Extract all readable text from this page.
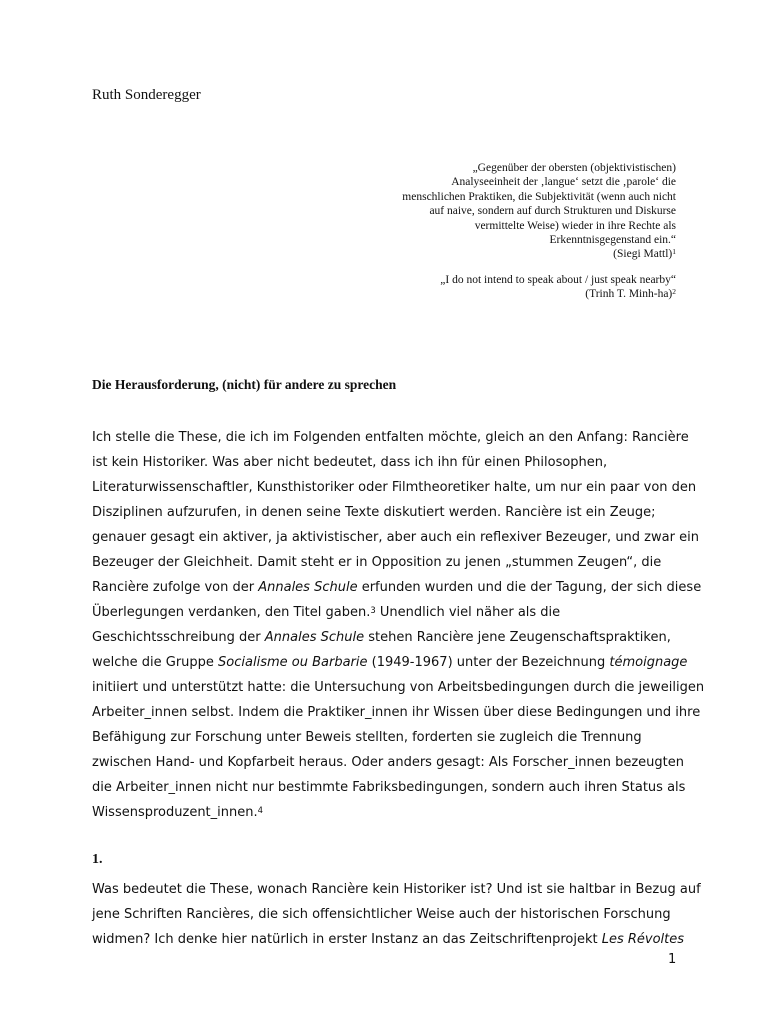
Ruth Sonderegger
„Gegenüber der obersten (objektivistischen)
Analyseeinheit der ‚langue‘ setzt die ‚parole‘ die
menschlichen Praktiken, die Subjektivität (wenn auch nicht
auf naive, sondern auf durch Strukturen und Diskurse
vermittelte Weise) wieder in ihre Rechte als
Erkenntnisgegenstand ein.“
(Siegi Mattl)$^1$
„I do not intend to speak about / just speak nearby“
(Trinh T. Minh-ha)$^2$
Die Herausforderung, (nicht) für andere zu sprechen
Ich stelle die These, die ich im Folgenden entfalten möchte, gleich an den Anfang: Rancière
ist kein Historiker. Was aber nicht bedeutet, dass ich ihn für einen Philosophen,
Literaturwissenschaftler, Kunsthistoriker oder Filmtheoretiker halte, um nur ein paar von den
Disziplinen aufzurufen, in denen seine Texte diskutiert werden. Rancière ist ein Zeuge;
genauer gesagt ein aktiver, ja aktivistischer, aber auch ein reflexiver Bezeuger, und zwar ein
Bezeuger der Gleichheit. Damit steht er in Opposition zu jenen „stummen Zeugen“, die
Rancière zufolge von der Annales Schule erfunden wurden und die der Tagung, der sich diese
Überlegungen verdanken, den Titel gaben.$^3$ Unendlich viel näher als die
Geschichtsschreibung der Annales Schule stehen Rancière jene Zeugenschaftspraktiken,
welche die Gruppe Socialisme ou Barbarie (1949-1967) unter der Bezeichnung témoignage
initiiert und unterstützt hatte: die Untersuchung von Arbeitsbedingungen durch die jeweiligen
Arbeiter_innen selbst. Indem die Praktiker_innen ihr Wissen über diese Bedingungen und ihre
Befähigung zur Forschung unter Beweis stellten, forderten sie zugleich die Trennung
zwischen Hand- und Kopfarbeit heraus. Oder anders gesagt: Als Forscher_innen bezeugten
die Arbeiter_innen nicht nur bestimmte Fabriksbedingungen, sondern auch ihren Status als
Wissensproduzent_innen.$^4$
1.
Was bedeutet die These, wonach Rancière kein Historiker ist? Und ist sie haltbar in Bezug auf
jene Schriften Rancières, die sich offensichtlicher Weise auch der historischen Forschung
widmen? Ich denke hier natürlich in erster Instanz an das Zeitschriftenprojekt Les Révoltes
1
